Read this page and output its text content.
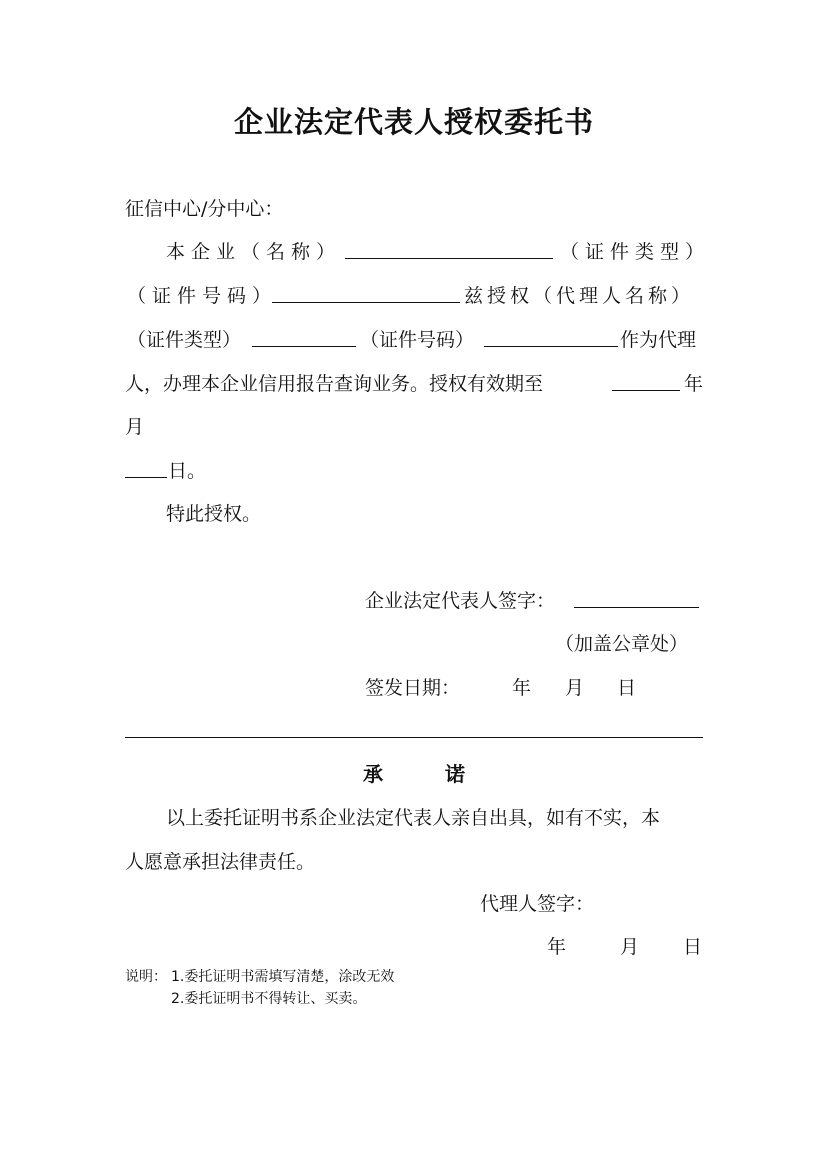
企业法定代表人授权委托书
征信中心/分中心：
本企业（名称）	（证件类型）
（证件号码）	兹授权（代理人名称）
（证件类型）	（证件号码）	作为代理
人，办理本企业信用报告查询业务。授权有效期至	年
月
日。
特此授权。
企业法定代表人签字：
（加盖公章处）
签发日期：	年 月 日
承	诺
以上委托证明书系企业法定代表人亲自出具，如有不实，本
人愿意承担法律责任。
代理人签字：
年	月 日
说明： 1.委托证明书需填写清楚，涂改无效
2.委托证明书不得转让、买卖。
